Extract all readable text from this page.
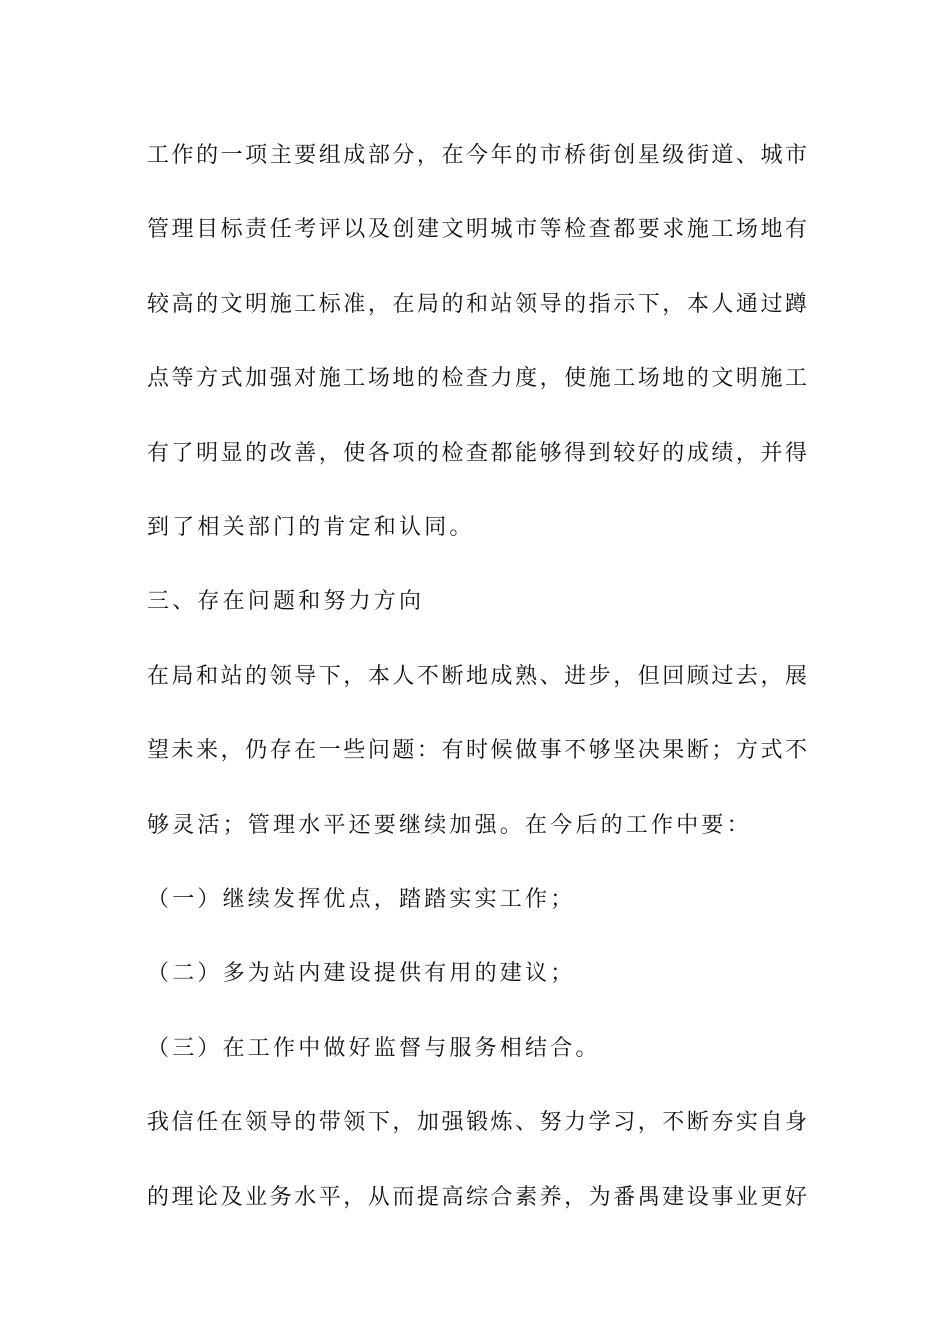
工作的一项主要组成部分，在今年的市桥街创星级街道、城市
管理目标责任考评以及创建文明城市等检查都要求施工场地有
较高的文明施工标准，在局的和站领导的指示下，本人通过蹲
点等方式加强对施工场地的检查力度，使施工场地的文明施工
有了明显的改善，使各项的检查都能够得到较好的成绩，并得
到了相关部门的肯定和认同。
三、存在问题和努力方向
在局和站的领导下，本人不断地成熟、进步，但回顾过去，展
望未来，仍存在一些问题：有时候做事不够坚决果断；方式不
够灵活；管理水平还要继续加强。在今后的工作中要：
（一）继续发挥优点，踏踏实实工作；
（二）多为站内建设提供有用的建议；
（三）在工作中做好监督与服务相结合。
我信任在领导的带领下，加强锻炼、努力学习，不断夯实自身
的理论及业务水平，从而提高综合素养，为番禺建设事业更好
